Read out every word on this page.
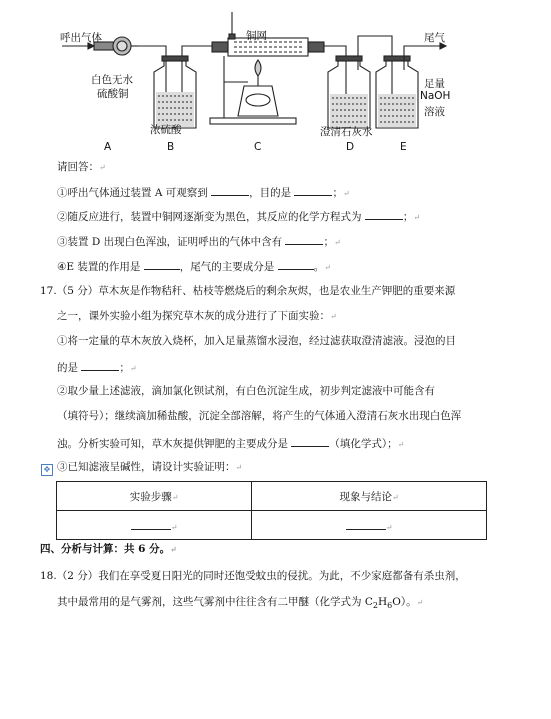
呼出气体	铜网	尾气
白色无水
硫酸铜
浓硫酸	澄清石灰水
足量
NaOH
溶液
A	B	C	D	E
请回答：↵
①呼出气体通过装置 A 可观察到	，目的是	；↵
②随反应进行，装置中铜网逐渐变为黑色，其反应的化学方程式为	；↵
③装置 D 出现白色浑浊，证明呼出的气体中含有	；↵
④E 装置的作用是	，尾气的主要成分是	。↵
17.（5 分）草木灰是作物秸秆、枯枝等燃烧后的剩余灰烬，也是农业生产钾肥的重要来源
之一，课外实验小组为探究草木灰的成分进行了下面实验：↵
①将一定量的草木灰放入烧杯，加入足量蒸馏水浸泡，经过滤获取澄清滤液。浸泡的目
的是	；↵
②取少量上述滤液，滴加氯化钡试剂，有白色沉淀生成，初步判定滤液中可能含有
（填符号）；继续滴加稀盐酸，沉淀全部溶解，将产生的气体通入澄清石灰水出现白色浑
浊。分析实验可知，草木灰提供钾肥的主要成分是	（填化学式）；↵
✥ ③已知滤液呈碱性，请设计实验证明：↵
实验步骤↵	现象与结论↵
↵	↵
四、分析与计算：共 6 分。↵
18.（2 分）我们在享受夏日阳光的同时还饱受蚊虫的侵扰。为此，不少家庭都备有杀虫剂，
其中最常用的是气雾剂，这些气雾剂中往往含有二甲醚（化学式为 $C_2H_6O$）。↵
